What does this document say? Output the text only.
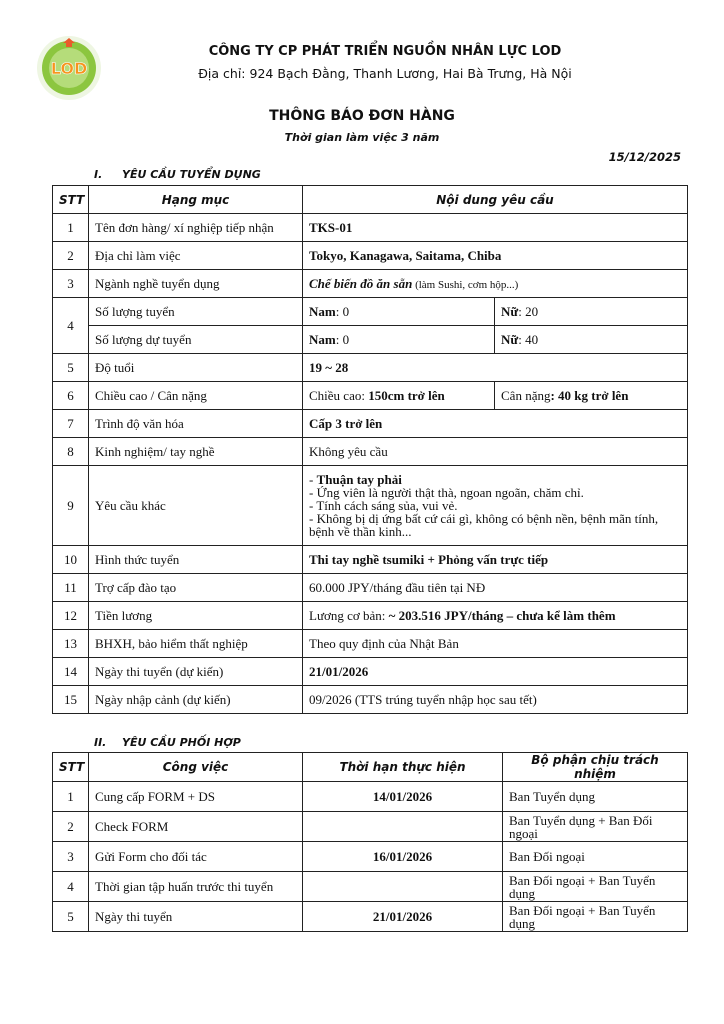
LOD
CÔNG TY CP PHÁT TRIỂN NGUỒN NHÂN LỰC LOD
Địa chỉ: 924 Bạch Đằng, Thanh Lương, Hai Bà Trưng, Hà Nội
THÔNG BÁO ĐƠN HÀNG
Thời gian làm việc 3 năm
15/12/2025
I. YÊU CẦU TUYỂN DỤNG
STT	Hạng mục	Nội dung yêu cầu	
1	Tên đơn hàng/ xí nghiệp tiếp nhận	TKS-01	
2	Địa chỉ làm việc	Tokyo, Kanagawa, Saitama, Chiba	
3	Ngành nghề tuyển dụng	Chế biến đồ ăn sẵn (làm Sushi, cơm hộp...)	
4	Số lượng tuyển	Nam: 0	Nữ: 20
	Số lượng dự tuyển	Nam: 0	Nữ: 40
5	Độ tuổi	19 ~ 28	
6	Chiều cao / Cân nặng	Chiều cao: 150cm trở lên	Cân nặng: 40 kg trở lên
7	Trình độ văn hóa	Cấp 3 trở lên	
8	Kinh nghiệm/ tay nghề	Không yêu cầu	
9	Yêu cầu khác	- Thuận tay phải
- Ứng viên là người thật thà, ngoan ngoãn, chăm chỉ.
- Tính cách sáng sủa, vui vẻ.
- Không bị dị ứng bất cứ cái gì, không có bệnh nền, bệnh mãn tính, bệnh về thần kinh...	

10	Hình thức tuyển	Thi tay nghề tsumiki + Phỏng vấn trực tiếp	
11	Trợ cấp đào tạo	60.000 JPY/tháng đầu tiên tại NĐ	
12	Tiền lương	Lương cơ bản: ~ 203.516 JPY/tháng – chưa kể làm thêm	
13	BHXH, bảo hiểm thất nghiệp	Theo quy định của Nhật Bản	
14	Ngày thi tuyển (dự kiến)	21/01/2026	
15	Ngày nhập cảnh (dự kiến)	09/2026 (TTS trúng tuyển nhập học sau tết)	
II. YÊU CẦU PHỐI HỢP
STT	Công việc	Thời hạn thực hiện	Bộ phận chịu trách nhiệm
1	Cung cấp FORM + DS	14/01/2026	Ban Tuyển dụng
2	Check FORM		Ban Tuyển dụng + Ban Đối ngoại
3	Gửi Form cho đối tác	16/01/2026	Ban Đối ngoại
4	Thời gian tập huấn trước thi tuyển		Ban Đối ngoại + Ban Tuyển dụng
5	Ngày thi tuyển	21/01/2026	Ban Đối ngoại + Ban Tuyển dụng
